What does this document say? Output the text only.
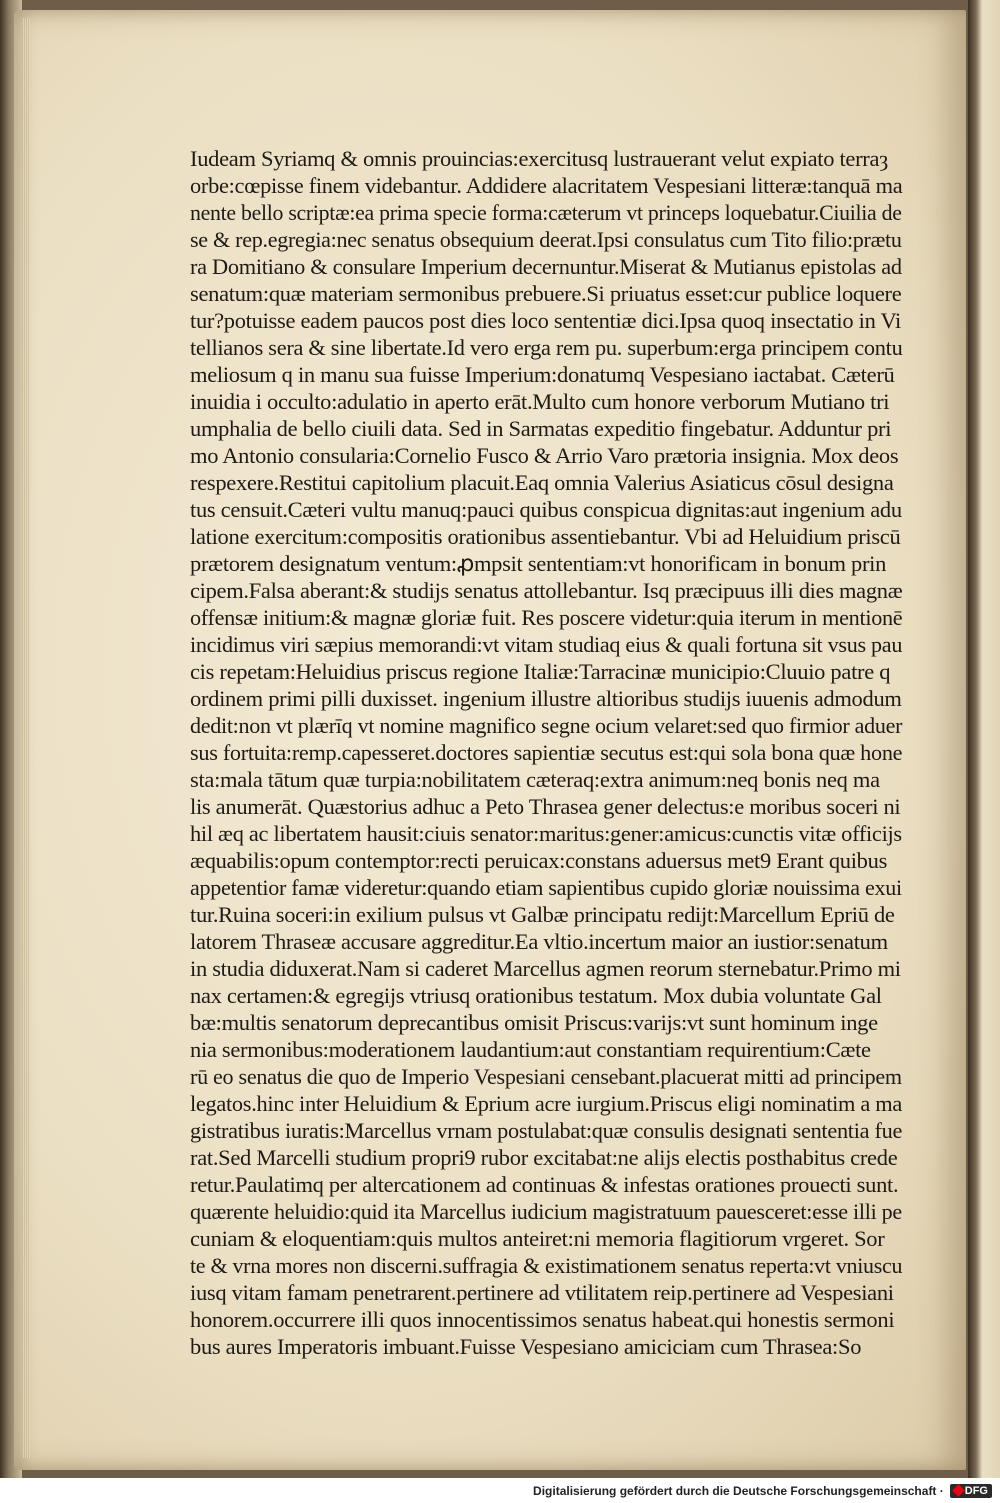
Iudeam Syriamq & omnis prouincias:exercitusq lustrauerant velut expiato terraȝ
orbe:cœpisse finem videbantur. Addidere alacritatem Vespesiani litteræ:tanquā ma
nente bello scriptæ:ea prima specie forma:cæterum vt princeps loquebatur.Ciuilia de
se & rep.egregia:nec senatus obsequium deerat.Ipsi consulatus cum Tito filio:prætu
ra Domitiano & consulare Imperium decernuntur.Miserat & Mutianus epistolas ad
senatum:quæ materiam sermonibus prebuere.Si priuatus esset:cur publice loquere
tur?potuisse eadem paucos post dies loco sententiæ dici.Ipsa quoq insectatio in Vi
tellianos sera & sine libertate.Id vero erga rem pu. superbum:erga principem contu
meliosum q in manu sua fuisse Imperium:donatumq Vespesiano iactabat. Cæterū
inuidia i occulto:adulatio in aperto erāt.Multo cum honore verborum Mutiano tri
umphalia de bello ciuili data. Sed in Sarmatas expeditio fingebatur. Adduntur pri
mo Antonio consularia:Cornelio Fusco & Arrio Varo prætoria insignia. Mox deos
respexere.Restitui capitolium placuit.Eaq omnia Valerius Asiaticus cōsul designa
tus censuit.Cæteri vultu manuq:pauci quibus conspicua dignitas:aut ingenium adu
latione exercitum:compositis orationibus assentiebantur. Vbi ad Heluidium priscū
prætorem designatum ventum:ꝓmpsit sententiam:vt honorificam in bonum prin
cipem.Falsa aberant:& studijs senatus attollebantur. Isq præcipuus illi dies magnæ
offensæ initium:& magnæ gloriæ fuit. Res poscere videtur:quia iterum in mentionē
incidimus viri sæpius memorandi:vt vitam studiaq eius & quali fortuna sit vsus pau
cis repetam:Heluidius priscus regione Italiæ:Tarracinæ municipio:Cluuio patre q
ordinem primi pilli duxisset. ingenium illustre altioribus studijs iuuenis admodum
dedit:non vt plærīq vt nomine magnifico segne ocium velaret:sed quo firmior aduer
sus fortuita:remp.capesseret.doctores sapientiæ secutus est:qui sola bona quæ hone
sta:mala tātum quæ turpia:nobilitatem cæteraq:extra animum:neq bonis neq ma
lis anumerāt. Quæstorius adhuc a Peto Thrasea gener delectus:e moribus soceri ni
hil æq ac libertatem hausit:ciuis senator:maritus:gener:amicus:cunctis vitæ officijs
æquabilis:opum contemptor:recti peruicax:constans aduersus met9 Erant quibus
appetentior famæ videretur:quando etiam sapientibus cupido gloriæ nouissima exui
tur.Ruina soceri:in exilium pulsus vt Galbæ principatu redijt:Marcellum Epriū de
latorem Thraseæ accusare aggreditur.Ea vltio.incertum maior an iustior:senatum
in studia diduxerat.Nam si caderet Marcellus agmen reorum sternebatur.Primo mi
nax certamen:& egregijs vtriusq orationibus testatum. Mox dubia voluntate Gal
bæ:multis senatorum deprecantibus omisit Priscus:varijs:vt sunt hominum inge
nia sermonibus:moderationem laudantium:aut constantiam requirentium:Cæte
rū eo senatus die quo de Imperio Vespesiani censebant.placuerat mitti ad principem
legatos.hinc inter Heluidium & Eprium acre iurgium.Priscus eligi nominatim a ma
gistratibus iuratis:Marcellus vrnam postulabat:quæ consulis designati sententia fue
rat.Sed Marcelli studium propri9 rubor excitabat:ne alijs electis posthabitus crede
retur.Paulatimq per altercationem ad continuas & infestas orationes prouecti sunt.
quærente heluidio:quid ita Marcellus iudicium magistratuum pauesceret:esse illi pe
cuniam & eloquentiam:quis multos anteiret:ni memoria flagitiorum vrgeret. Sor
te & vrna mores non discerni.suffragia & existimationem senatus reperta:vt vniuscu
iusq vitam famam penetrarent.pertinere ad vtilitatem reip.pertinere ad Vespesiani
honorem.occurrere illi quos innocentissimos senatus habeat.qui honestis sermoni
bus aures Imperatoris imbuant.Fuisse Vespesiano amiciciam cum Thrasea:So
Digitalisierung gefördert durch die Deutsche Forschungsgemeinschaft · DFG
